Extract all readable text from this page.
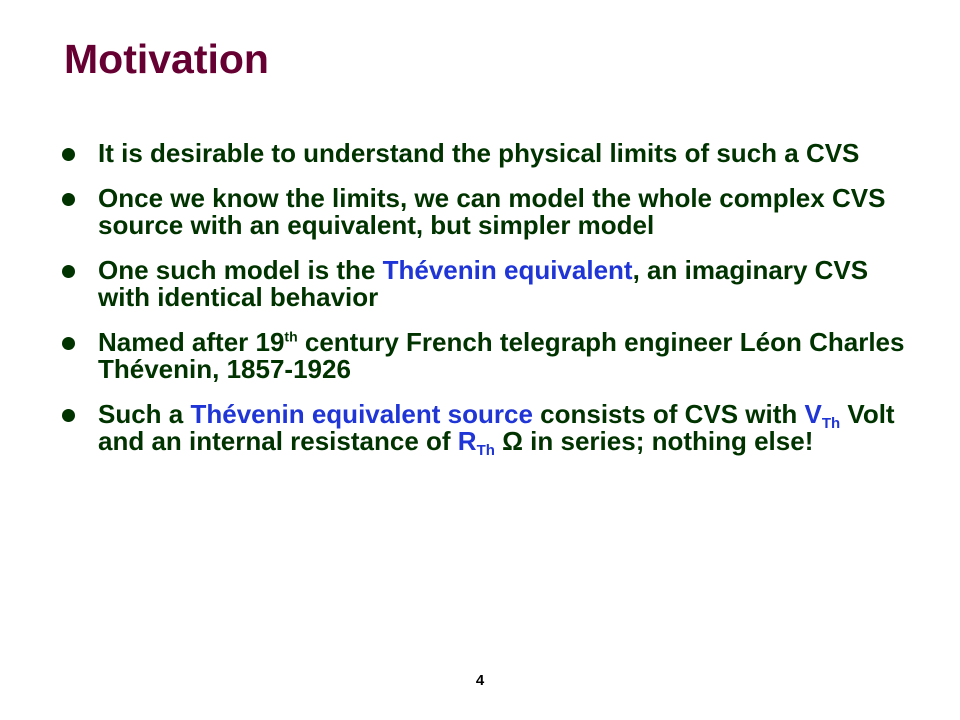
Motivation
It is desirable to understand the physical limits of such a CVS
Once we know the limits, we can model the whole complex CVS source with an equivalent, but simpler model
One such model is the Thévenin equivalent, an imaginary CVS with identical behavior
Named after 19th century French telegraph engineer Léon Charles Thévenin, 1857-1926
Such a Thévenin equivalent source consists of CVS with $V_{Th}$ Volt and an internal resistance of $R_{Th}$ Ω in series; nothing else!
4
